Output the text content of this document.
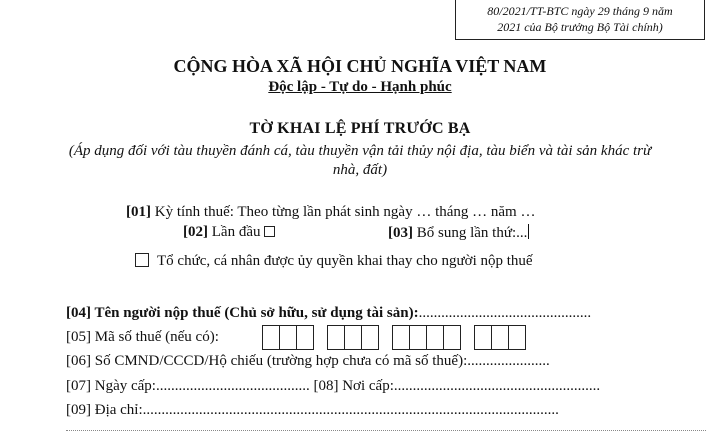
80/2021/TT-BTC ngày 29 tháng 9 năm
2021 của Bộ trưởng Bộ Tài chính)
CỘNG HÒA XÃ HỘI CHỦ NGHĨA VIỆT NAM
Độc lập - Tự do - Hạnh phúc
TỜ KHAI LỆ PHÍ TRƯỚC BẠ
(Áp dụng đối với tàu thuyền đánh cá, tàu thuyền vận tải thủy nội địa, tàu biển và tài sản khác trừ
nhà, đất)
[01] Kỳ tính thuế: Theo từng lần phát sinh ngày … tháng … năm …
[02] Lần đầu	[03] Bổ sung lần thứ:...
Tổ chức, cá nhân được ủy quyền khai thay cho người nộp thuế
[04] Tên người nộp thuế (Chủ sở hữu, sử dụng tài sản):..............................................
[05] Mã số thuế (nếu có):
[06] Số CMND/CCCD/Hộ chiếu (trường hợp chưa có mã số thuế):......................
[07] Ngày cấp:......................................... [08] Nơi cấp:.......................................................
[09] Địa chỉ:...............................................................................................................
